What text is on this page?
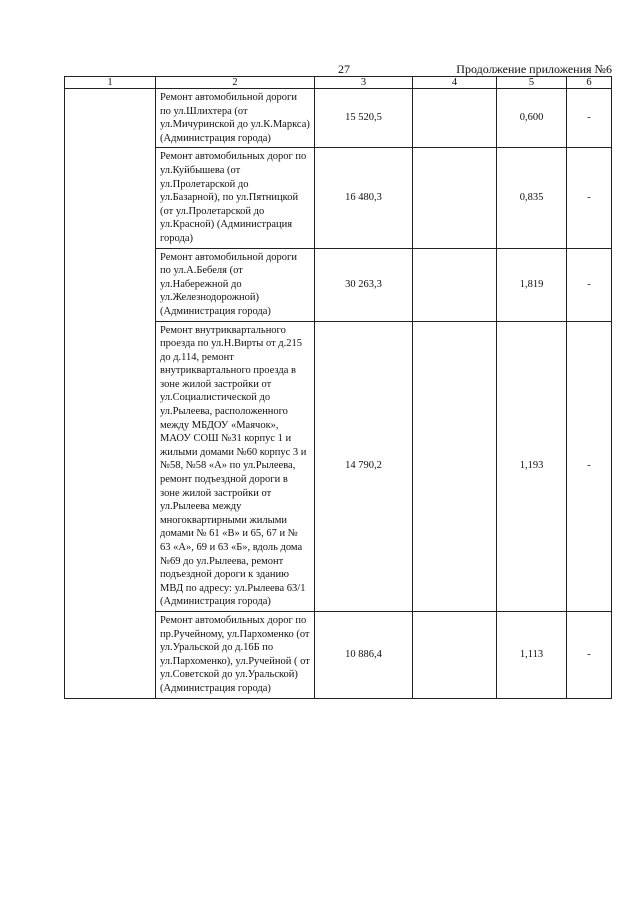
27	Продолжение приложения №6
1	2	3	4	5	6
	Ремонт автомобильной дороги по ул.Шлихтера (от ул.Мичуринской до ул.К.Маркса) (Администрация города)	15 520,5		0,600	-
	Ремонт автомобильных дорог по ул.Куйбышева (от ул.Пролетарской до ул.Базарной), по ул.Пятницкой (от ул.Пролетарской до ул.Красной) (Администрация города)	16 480,3		0,835	-
	Ремонт автомобильной дороги по ул.А.Бебеля (от ул.Набережной до ул.Железнодорожной) (Администрация города)	30 263,3		1,819	-
	Ремонт внутриквартального проезда по ул.Н.Вирты от д.215 до д.114, ремонт внутриквартального проезда в зоне жилой застройки от ул.Социалистической до ул.Рылеева, расположенного между МБДОУ «Маячок», МАОУ СОШ №31 корпус 1 и жилыми домами №60 корпус 3 и №58, №58 «А» по ул.Рылеева, ремонт подъездной дороги в зоне жилой застройки от ул.Рылеева между многоквартирными жилыми домами № 61 «В» и 65, 67 и № 63 «А», 69 и 63 «Б», вдоль дома №69 до ул.Рылеева, ремонт подъездной дороги к зданию МВД по адресу: ул.Рылеева 63/1 (Администрация города)	14 790,2		1,193	-
	Ремонт автомобильных дорог по пр.Ручейному, ул.Пархоменко (от ул.Уральской до д.16Б по ул.Пархоменко), ул.Ручейной ( от ул.Советской до ул.Уральской) (Администрация города)	10 886,4		1,113	-
